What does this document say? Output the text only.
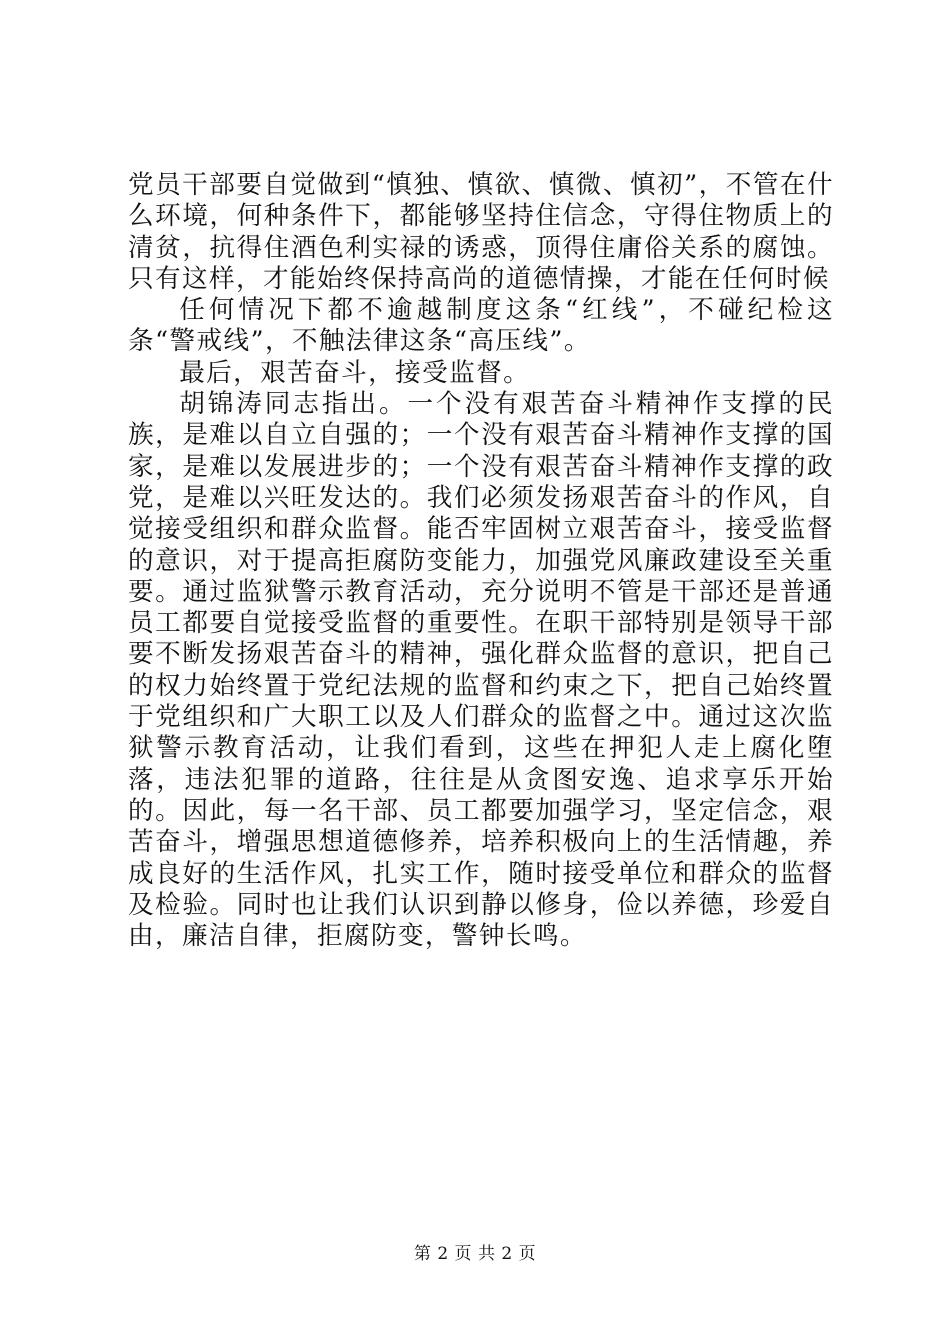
党员干部要自觉做到“慎独、慎欲、慎微、慎初”，不管在什么环境，何种条件下，都能够坚持住信念，守得住物质上的清贫，抗得住酒色利实禄的诱惑，顶得住庸俗关系的腐蚀。只有这样，才能始终保持高尚的道德情操，才能在任何时候

任何情况下都不逾越制度这条“红线”，不碰纪检这条“警戒线”，不触法律这条“高压线”。

最后，艰苦奋斗，接受监督。

胡锦涛同志指出。一个没有艰苦奋斗精神作支撑的民族，是难以自立自强的；一个没有艰苦奋斗精神作支撑的国家，是难以发展进步的；一个没有艰苦奋斗精神作支撑的政党，是难以兴旺发达的。我们必须发扬艰苦奋斗的作风，自觉接受组织和群众监督。能否牢固树立艰苦奋斗，接受监督的意识，对于提高拒腐防变能力，加强党风廉政建设至关重要。通过监狱警示教育活动，充分说明不管是干部还是普通员工都要自觉接受监督的重要性。在职干部特别是领导干部要不断发扬艰苦奋斗的精神，强化群众监督的意识，把自己的权力始终置于党纪法规的监督和约束之下，把自己始终置于党组织和广大职工以及人们群众的监督之中。通过这次监狱警示教育活动，让我们看到，这些在押犯人走上腐化堕落，违法犯罪的道路，往往是从贪图安逸、追求享乐开始的。因此，每一名干部、员工都要加强学习，坚定信念，艰苦奋斗，增强思想道德修养，培养积极向上的生活情趣，养成良好的生活作风，扎实工作，随时接受单位和群众的监督及检验。同时也让我们认识到静以修身，俭以养德，珍爱自由，廉洁自律，拒腐防变，警钟长鸣。

第 2 页 共 2 页
